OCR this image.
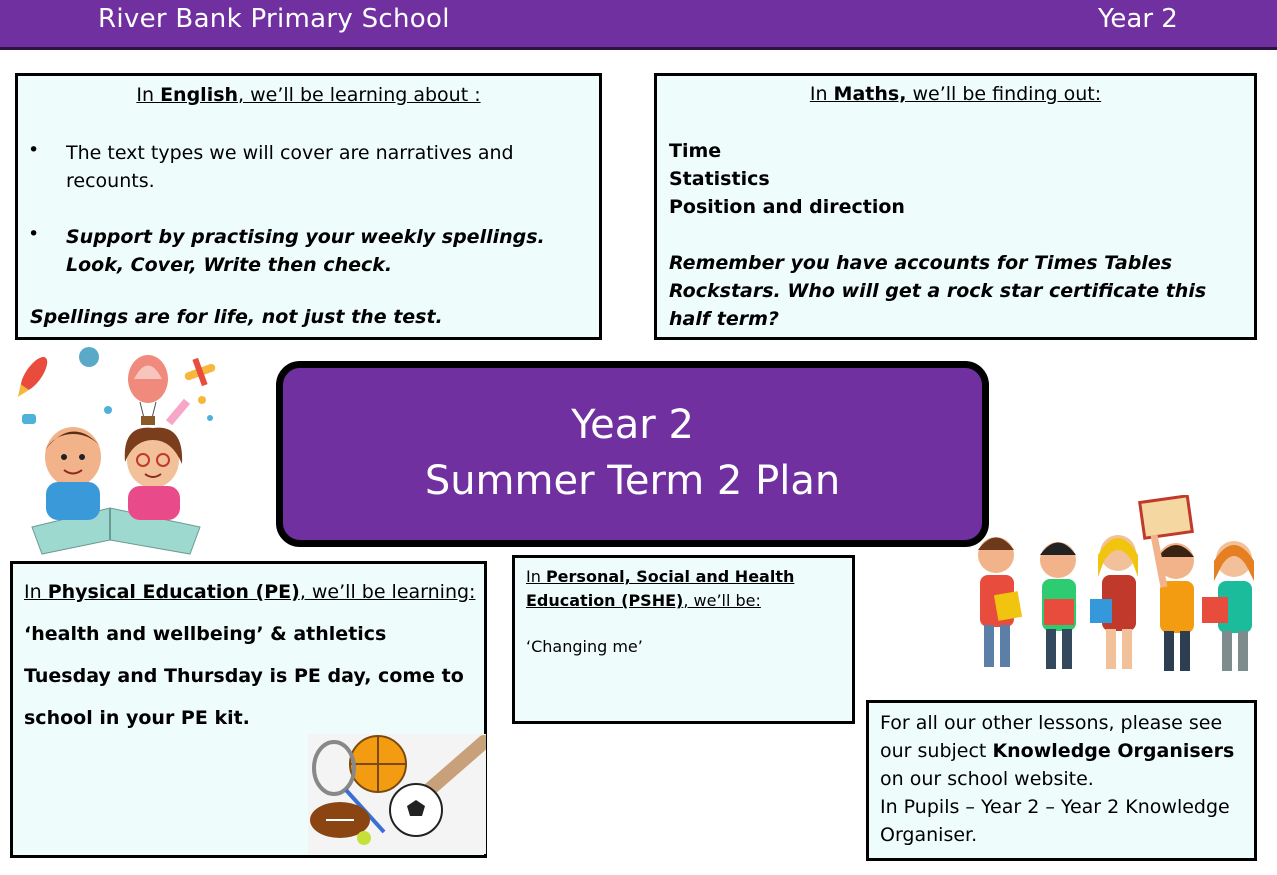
River Bank Primary School	Year 2
In English, we’ll be learning about :
• The text types we will cover are narratives and recounts.
• Support by practising your weekly spellings. Look, Cover, Write then check.
Spellings are for life, not just the test.
In Maths, we’ll be finding out:
Time
Statistics
Position and direction
Remember you have accounts for Times Tables Rockstars. Who will get a rock star certificate this half term?
Year 2
Summer Term 2 Plan
In Physical Education (PE), we’ll be learning:
‘health and wellbeing’ & athletics
Tuesday and Thursday is PE day, come to
school in your PE kit.
In Personal, Social and Health Education (PSHE), we’ll be:
‘Changing me’
For all our other lessons, please see our subject Knowledge Organisers on our school website.
In Pupils – Year 2 – Year 2 Knowledge Organiser.
